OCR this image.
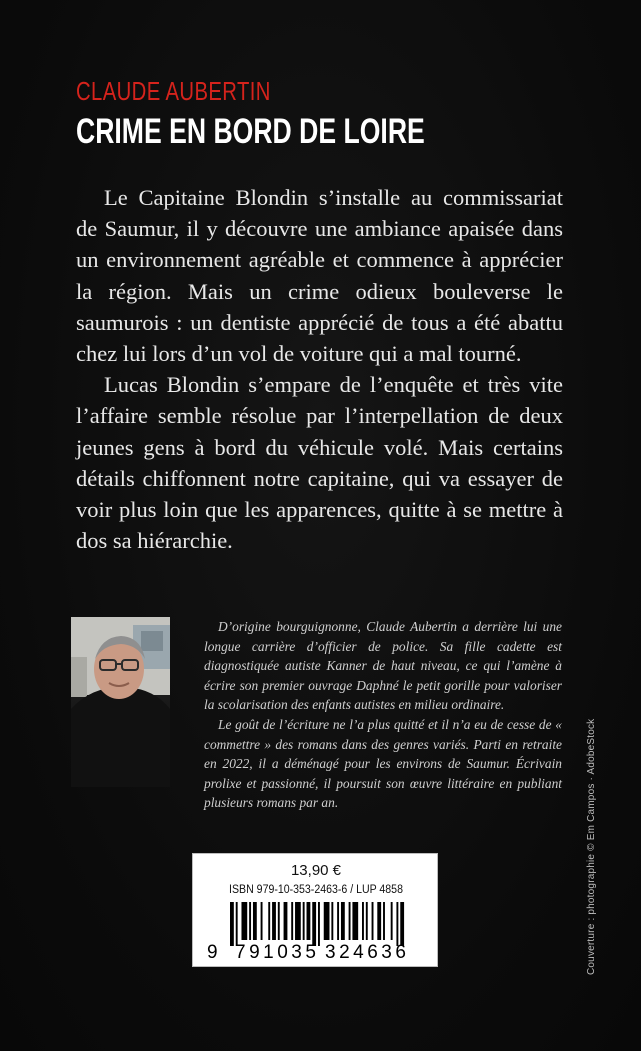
CLAUDE AUBERTIN
CRIME EN BORD DE LOIRE

Le Capitaine Blondin s’installe au commissariat de Saumur, il y découvre une ambiance apaisée dans un environnement agréable et commence à apprécier la région. Mais un crime odieux bouleverse le saumurois : un dentiste apprécié de tous a été abattu chez lui lors d’un vol de voiture qui a mal tourné.

Lucas Blondin s’empare de l’enquête et très vite l’affaire semble résolue par l’interpellation de deux jeunes gens à bord du véhicule volé. Mais certains détails chiffonnent notre capitaine, qui va essayer de voir plus loin que les apparences, quitte à se mettre à dos sa hiérarchie.

D’origine bourguignonne, Claude Aubertin a derrière lui une longue carrière d’officier de police. Sa fille cadette est diagnostiquée autiste Kanner de haut niveau, ce qui l’amène à écrire son premier ouvrage Daphné le petit gorille pour valoriser la scolarisation des enfants autistes en milieu ordinaire.

Le goût de l’écriture ne l’a plus quitté et il n’a eu de cesse de « commettre » des romans dans des genres variés. Parti en retraite en 2022, il a déménagé pour les environs de Saumur. Écrivain prolixe et passionné, il poursuit son œuvre littéraire en publiant plusieurs romans par an.	Couverture : photographie © Em Campos · AdobeStock
13,90 €
ISBN 979-10-353-2463-6 / LUP 4858
9 791035 324636
